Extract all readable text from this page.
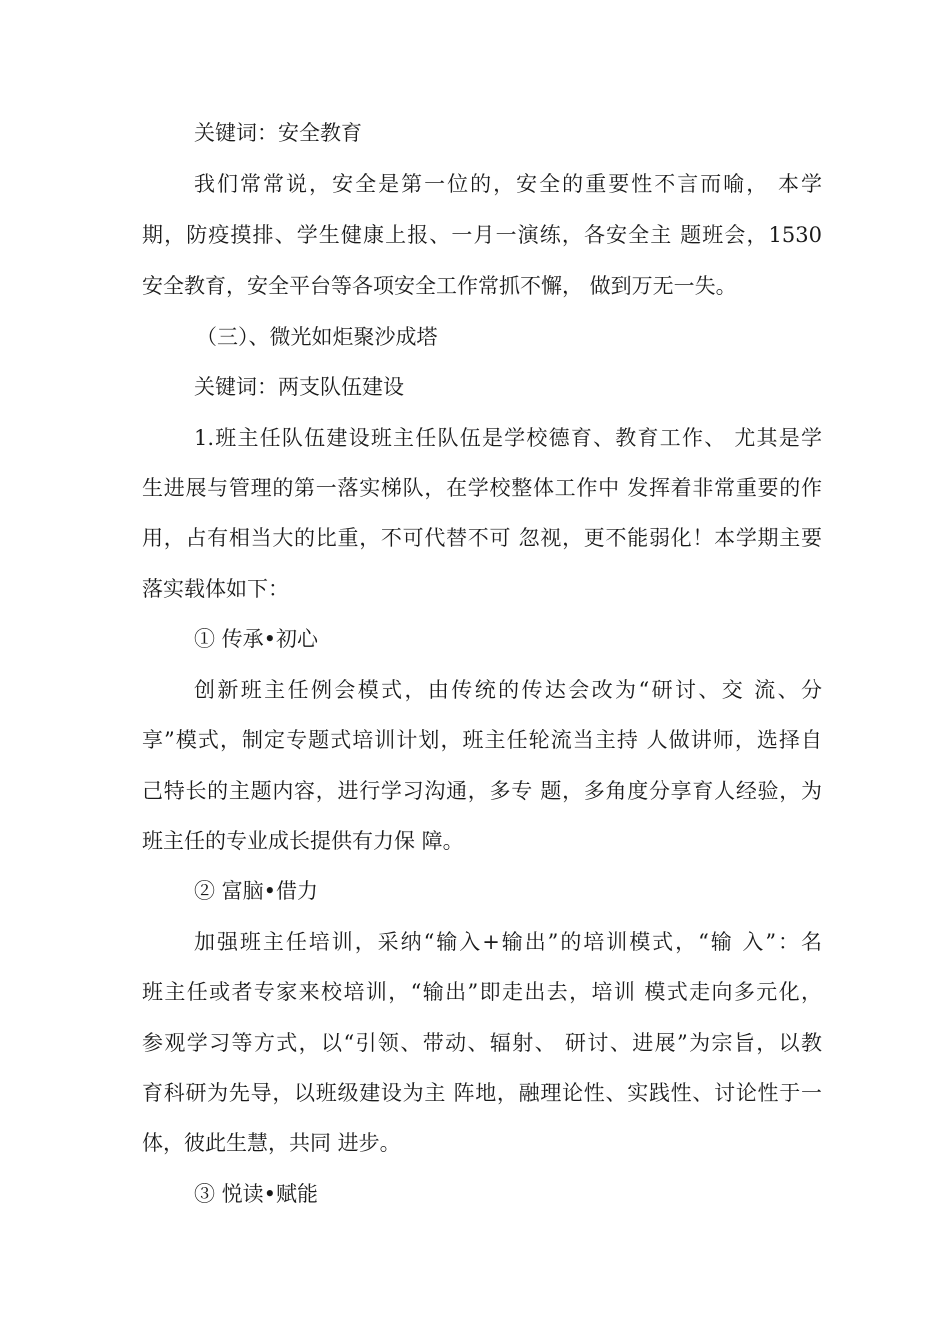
关键词：安全教育
我们常常说，安全是第一位的，安全的重要性不言而喻， 本学
期，防疫摸排、学生健康上报、一月一演练，各安全主 题班会，1530
安全教育，安全平台等各项安全工作常抓不懈， 做到万无一失。
（三）、微光如炬聚沙成塔
关键词：两支队伍建设
1.班主任队伍建设班主任队伍是学校德育、教育工作、 尤其是学
生进展与管理的第一落实梯队，在学校整体工作中 发挥着非常重要的作
用，占有相当大的比重，不可代替不可 忽视，更不能弱化！本学期主要
落实载体如下：
① 传承•初心
创新班主任例会模式，由传统的传达会改为“研讨、交 流、分
享”模式，制定专题式培训计划，班主任轮流当主持 人做讲师，选择自
己特长的主题内容，进行学习沟通，多专 题，多角度分享育人经验，为
班主任的专业成长提供有力保 障。
② 富脑•借力
加强班主任培训，采纳“输入+输出”的培训模式，“输 入”：名
班主任或者专家来校培训，“输出”即走出去，培训 模式走向多元化，
参观学习等方式，以“引领、带动、辐射、 研讨、进展”为宗旨，以教
育科研为先导，以班级建设为主 阵地，融理论性、实践性、讨论性于一
体，彼此生慧，共同 进步。
③ 悦读•赋能
